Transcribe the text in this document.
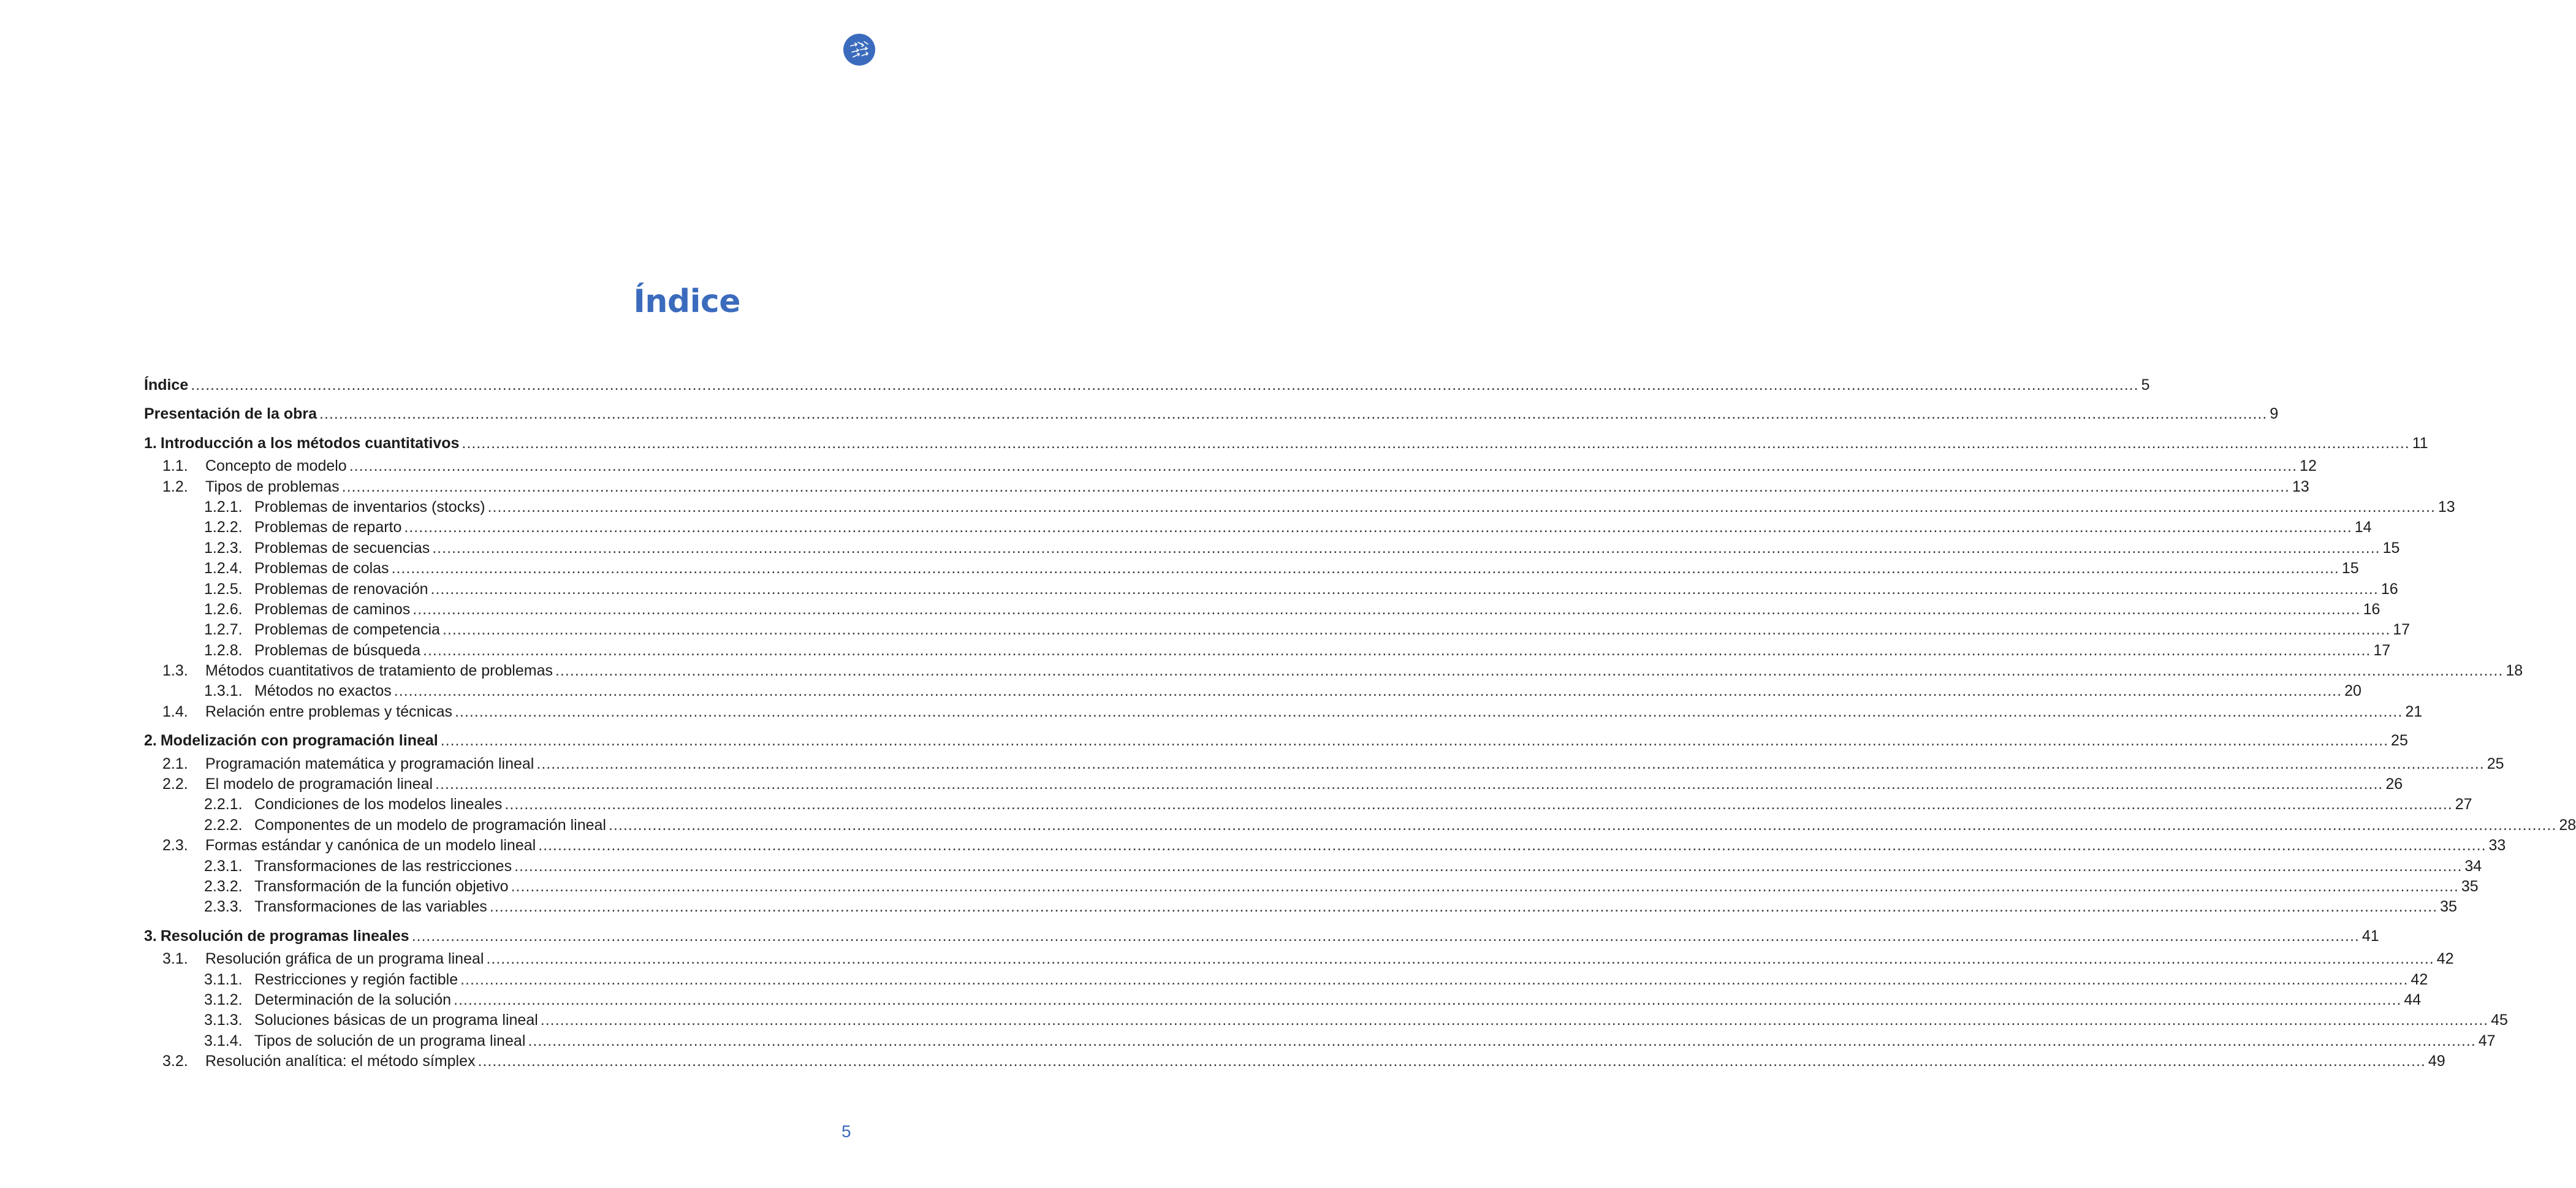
Índice
Índice ................................................................................................................................................................................................................................................................................................................................................................................................................ 5
Presentación de la obra ................................................................................................................................................................................................................................................................................................................................................................................................................ 9
1. Introducción a los métodos cuantitativos ................................................................................................................................................................................................................................................................................................................................................................................................................ 11
1.1.	Concepto de modelo ................................................................................................................................................................................................................................................................................................................................................................................................................ 12
1.2.	Tipos de problemas ................................................................................................................................................................................................................................................................................................................................................................................................................ 13
1.2.1. Problemas de inventarios (stocks) ................................................................................................................................................................................................................................................................................................................................................................................................................ 13
1.2.2. Problemas de reparto ................................................................................................................................................................................................................................................................................................................................................................................................................ 14
1.2.3. Problemas de secuencias ................................................................................................................................................................................................................................................................................................................................................................................................................ 15
1.2.4. Problemas de colas ................................................................................................................................................................................................................................................................................................................................................................................................................ 15
1.2.5. Problemas de renovación ................................................................................................................................................................................................................................................................................................................................................................................................................ 16
1.2.6. Problemas de caminos ................................................................................................................................................................................................................................................................................................................................................................................................................ 16
1.2.7. Problemas de competencia ................................................................................................................................................................................................................................................................................................................................................................................................................ 17
1.2.8. Problemas de búsqueda ................................................................................................................................................................................................................................................................................................................................................................................................................ 17
1.3.	Métodos cuantitativos de tratamiento de problemas ................................................................................................................................................................................................................................................................................................................................................................................................................ 18
1.3.1. Métodos no exactos ................................................................................................................................................................................................................................................................................................................................................................................................................ 20
1.4.	Relación entre problemas y técnicas ................................................................................................................................................................................................................................................................................................................................................................................................................ 21
2. Modelización con programación lineal ................................................................................................................................................................................................................................................................................................................................................................................................................ 25
2.1.	Programación matemática y programación lineal ................................................................................................................................................................................................................................................................................................................................................................................................................ 25
2.2.	El modelo de programación lineal ................................................................................................................................................................................................................................................................................................................................................................................................................ 26
2.2.1. Condiciones de los modelos lineales ................................................................................................................................................................................................................................................................................................................................................................................................................ 27
2.2.2. Componentes de un modelo de programación lineal ................................................................................................................................................................................................................................................................................................................................................................................................................ 28
2.3.	Formas estándar y canónica de un modelo lineal ................................................................................................................................................................................................................................................................................................................................................................................................................ 33
2.3.1. Transformaciones de las restricciones ................................................................................................................................................................................................................................................................................................................................................................................................................ 34
2.3.2. Transformación de la función objetivo ................................................................................................................................................................................................................................................................................................................................................................................................................ 35
2.3.3. Transformaciones de las variables ................................................................................................................................................................................................................................................................................................................................................................................................................ 35
3. Resolución de programas lineales ................................................................................................................................................................................................................................................................................................................................................................................................................ 41
3.1.	Resolución gráfica de un programa lineal ................................................................................................................................................................................................................................................................................................................................................................................................................ 42
3.1.1. Restricciones y región factible ................................................................................................................................................................................................................................................................................................................................................................................................................ 42
3.1.2. Determinación de la solución ................................................................................................................................................................................................................................................................................................................................................................................................................ 44
3.1.3. Soluciones básicas de un programa lineal ................................................................................................................................................................................................................................................................................................................................................................................................................ 45
3.1.4. Tipos de solución de un programa lineal ................................................................................................................................................................................................................................................................................................................................................................................................................ 47
3.2.	Resolución analítica: el método símplex ................................................................................................................................................................................................................................................................................................................................................................................................................ 49
5
